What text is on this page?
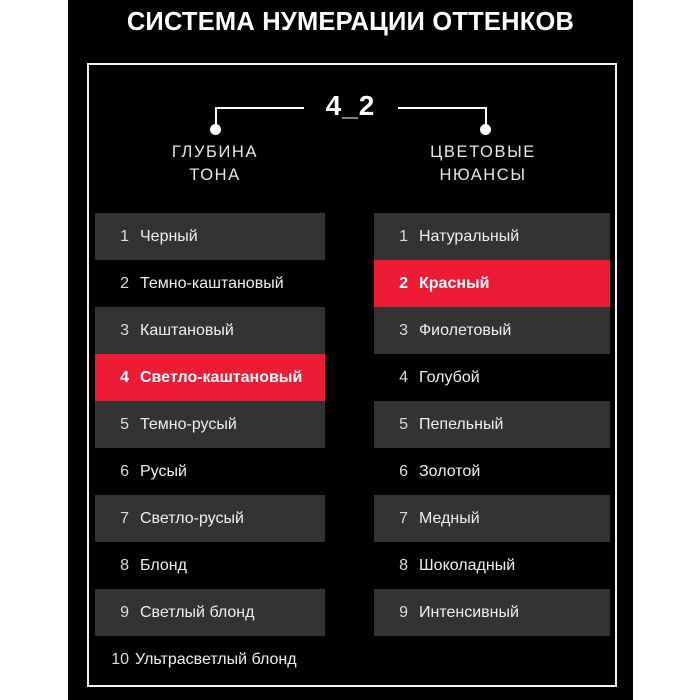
СИСТЕМА НУМЕРАЦИИ ОТТЕНКОВ
4_2
ГЛУБИНА
ТОНА
ЦВЕТОВЫЕ
НЮАНСЫ
1 Черный
2 Темно-каштановый
3 Каштановый
4 Светло-каштановый
5 Темно-русый
6 Русый
7 Светло-русый
8 Блонд
9 Светлый блонд
10 Ультрасветлый блонд
1 Натуральный
2 Красный
3 Фиолетовый
4 Голубой
5 Пепельный
6 Золотой
7 Медный
8 Шоколадный
9 Интенсивный
